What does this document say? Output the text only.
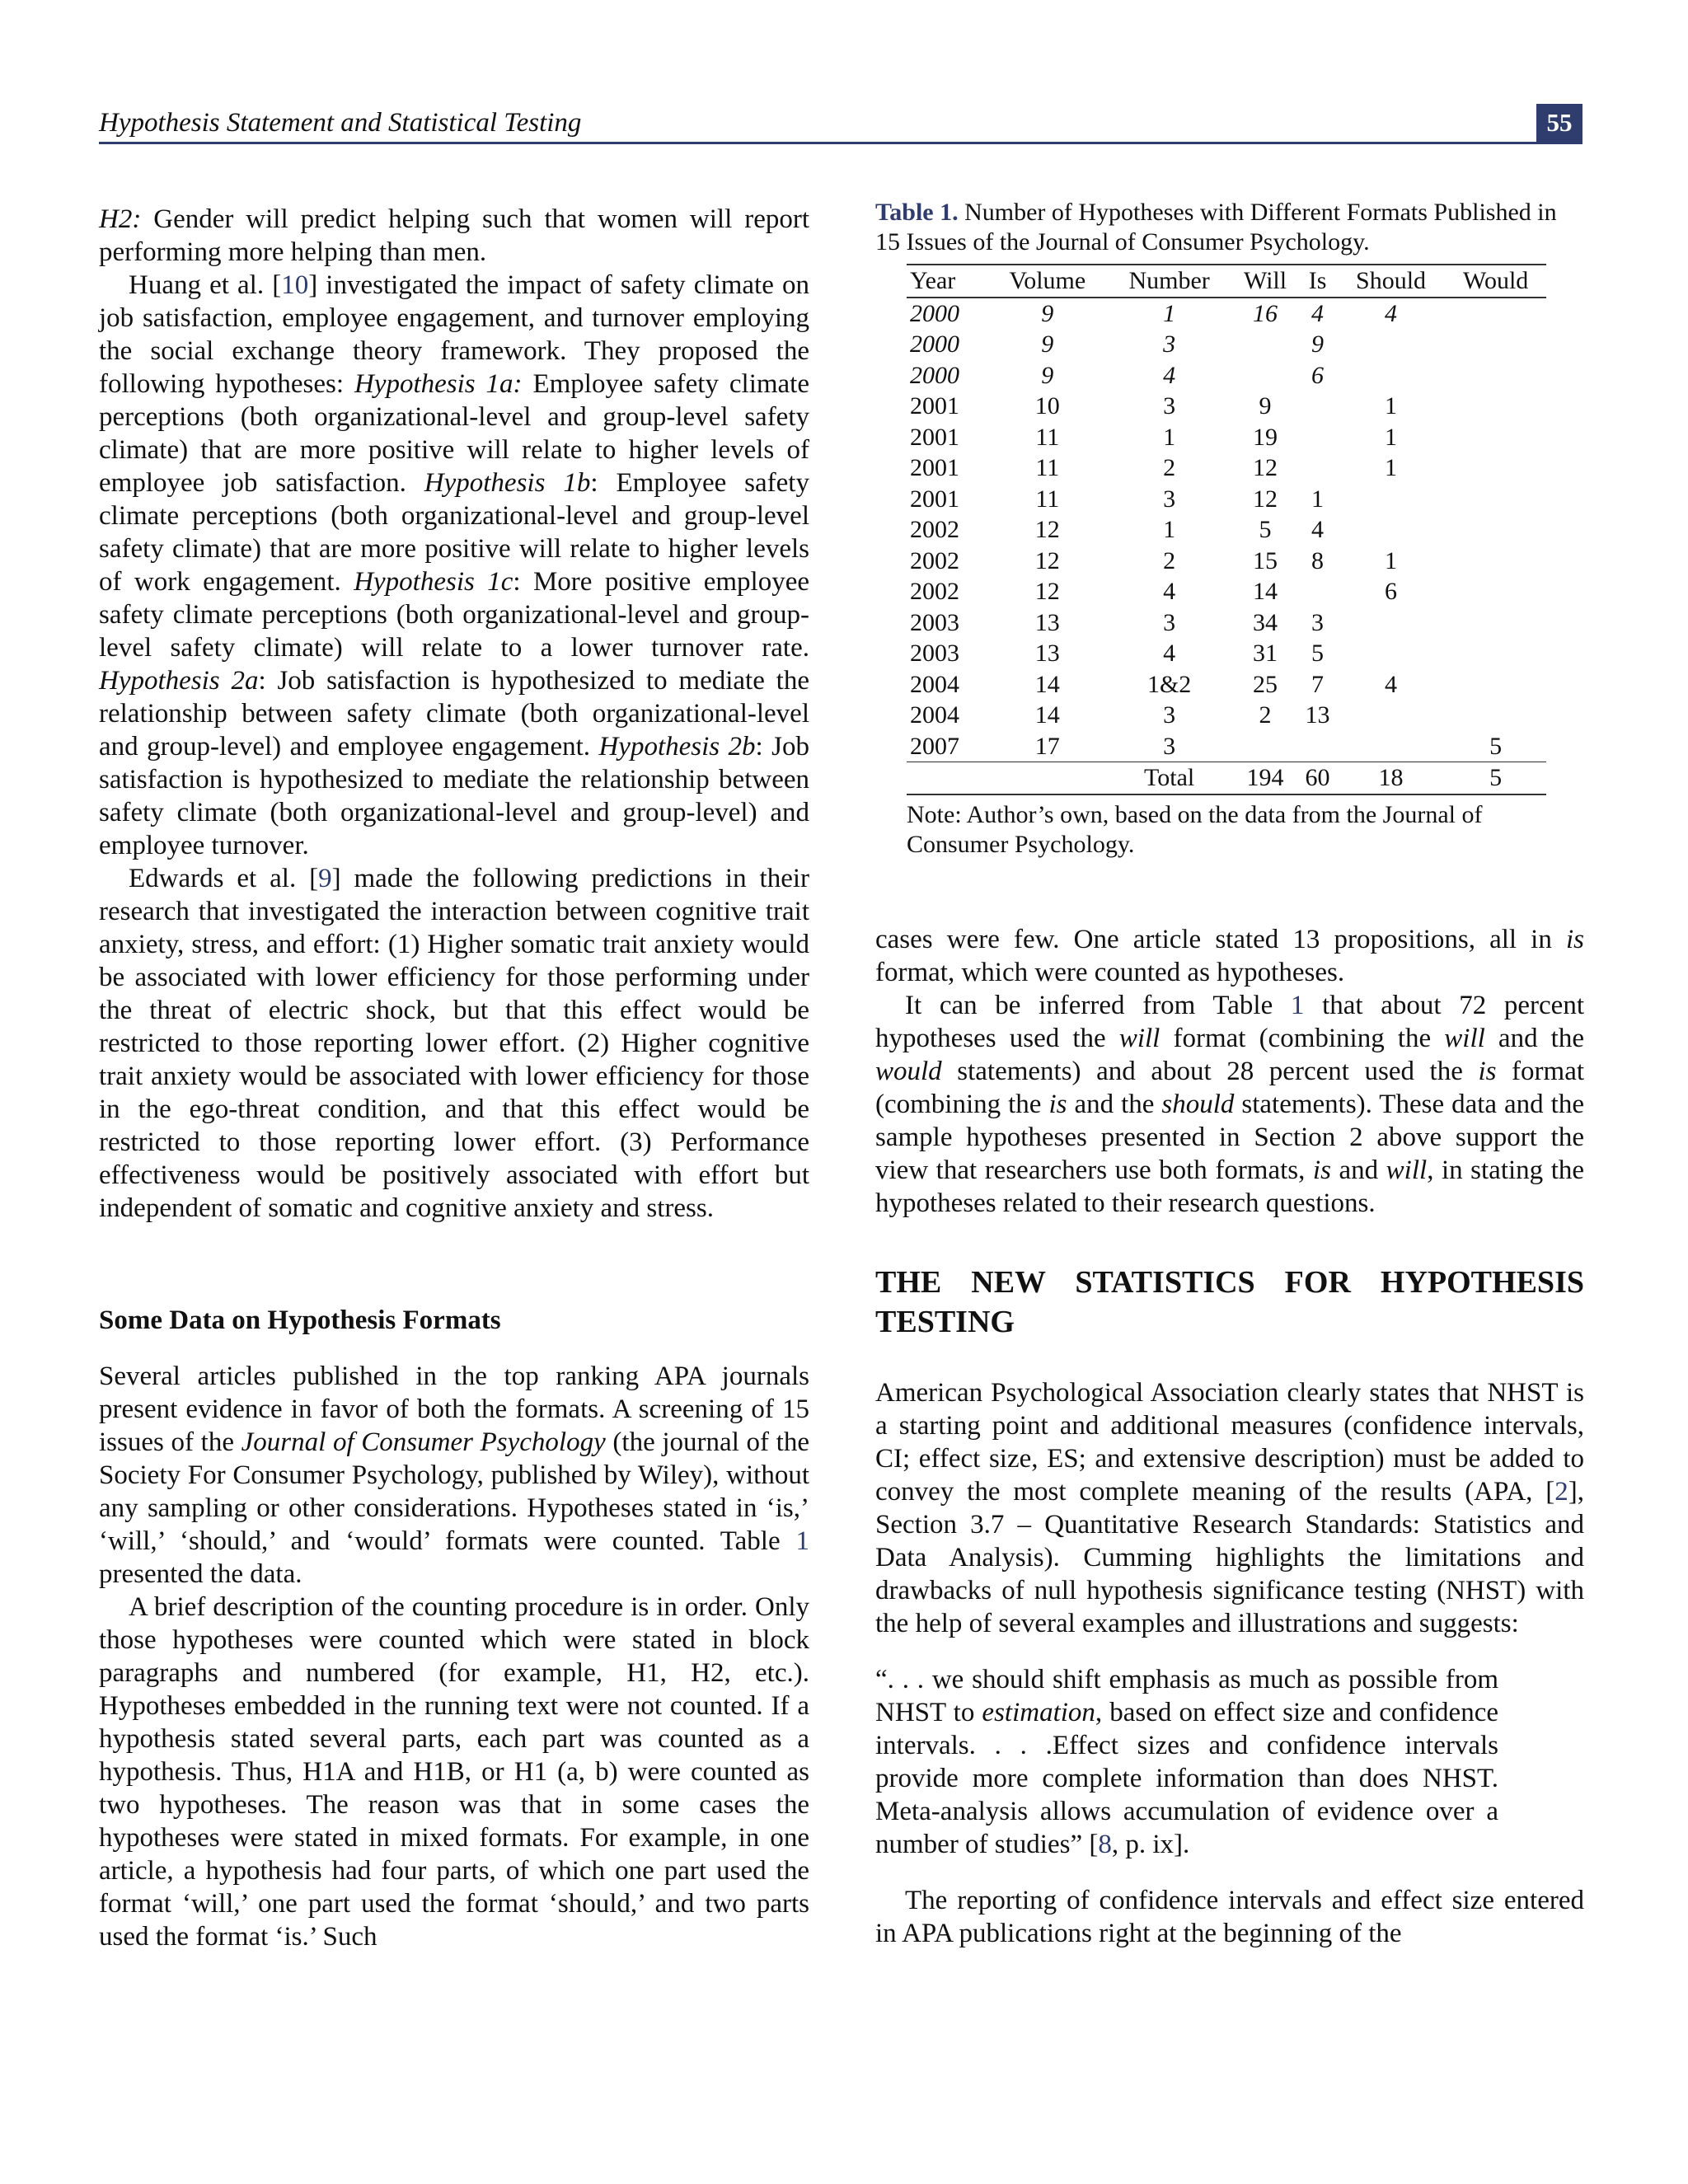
Hypothesis Statement and Statistical Testing	55

H2: Gender will predict helping such that women will report performing more helping than men.

Huang et al. [10] investigated the impact of safety climate on job satisfaction, employee engagement, and turnover employing the social exchange theory framework. They proposed the following hypotheses: Hypothesis 1a: Employee safety climate perceptions (both organizational-level and group-level safety climate) that are more positive will relate to higher levels of employee job satisfaction. Hypothesis 1b: Employee safety climate perceptions (both organizational-level and group-level safety climate) that are more positive will relate to higher levels of work engagement. Hypothesis 1c: More positive employee safety climate perceptions (both organizational-level and group-level safety climate) will relate to a lower turnover rate. Hypothesis 2a: Job satisfaction is hypothesized to mediate the relationship between safety climate (both organizational-level and group-level) and employee engagement. Hypothesis 2b: Job satisfaction is hypothesized to mediate the relationship between safety climate (both organizational-level and group-level) and employee turnover.

Edwards et al. [9] made the following predictions in their research that investigated the interaction between cognitive trait anxiety, stress, and effort: (1) Higher somatic trait anxiety would be associated with lower efficiency for those performing under the threat of electric shock, but that this effect would be restricted to those reporting lower effort. (2) Higher cognitive trait anxiety would be associated with lower efficiency for those in the ego-threat condition, and that this effect would be restricted to those reporting lower effort. (3) Performance effectiveness would be positively associated with effort but independent of somatic and cognitive anxiety and stress.

Some Data on Hypothesis Formats

Several articles published in the top ranking APA journals present evidence in favor of both the formats. A screening of 15 issues of the Journal of Consumer Psychology (the journal of the Society For Consumer Psychology, published by Wiley), without any sampling or other considerations. Hypotheses stated in ‘is,’ ‘will,’ ‘should,’ and ‘would’ formats were counted. Table 1 presented the data.

A brief description of the counting procedure is in order. Only those hypotheses were counted which were stated in block paragraphs and numbered (for example, H1, H2, etc.). Hypotheses embedded in the running text were not counted. If a hypothesis stated several parts, each part was counted as a hypothesis. Thus, H1A and H1B, or H1 (a, b) were counted as two hypotheses. The reason was that in some cases the hypotheses were stated in mixed formats. For example, in one article, a hypothesis had four parts, of which one part used the format ‘will,’ one part used the format ‘should,’ and two parts used the format ‘is.’ Such

Table 1. Number of Hypotheses with Different Formats Published in 15 Issues of the Journal of Consumer Psychology.

Year	Volume	Number	Will	Is	Should	Would
2000	9	1	16	4	4	
2000	9	3		9		
2000	9	4		6		
2001	10	3	9		1	
2001	11	1	19		1	
2001	11	2	12		1	
2001	11	3	12	1		
2002	12	1	5	4		
2002	12	2	15	8	1	
2002	12	4	14		6	
2003	13	3	34	3		
2003	13	4	31	5		
2004	14	1&2	25	7	4	
2004	14	3	2	13		
2007	17	3				5
		Total	194	60	18	5

Note: Author’s own, based on the data from the Journal of Consumer Psychology.

cases were few. One article stated 13 propositions, all in is format, which were counted as hypotheses.

It can be inferred from Table 1 that about 72 percent hypotheses used the will format (combining the will and the would statements) and about 28 percent used the is format (combining the is and the should statements). These data and the sample hypotheses presented in Section 2 above support the view that researchers use both formats, is and will, in stating the hypotheses related to their research questions.

THE NEW STATISTICS FOR HYPOTHESIS TESTING

American Psychological Association clearly states that NHST is a starting point and additional measures (confidence intervals, CI; effect size, ES; and extensive description) must be added to convey the most complete meaning of the results (APA, [2], Section 3.7 – Quantitative Research Standards: Statistics and Data Analysis). Cumming highlights the limitations and drawbacks of null hypothesis significance testing (NHST) with the help of several examples and illustrations and suggests:

“. . . we should shift emphasis as much as possible from NHST to estimation, based on effect size and confidence intervals. . . .Effect sizes and confidence intervals provide more complete information than does NHST. Meta-analysis allows accumulation of evidence over a number of studies” [8, p. ix].

The reporting of confidence intervals and effect size entered in APA publications right at the beginning of the
